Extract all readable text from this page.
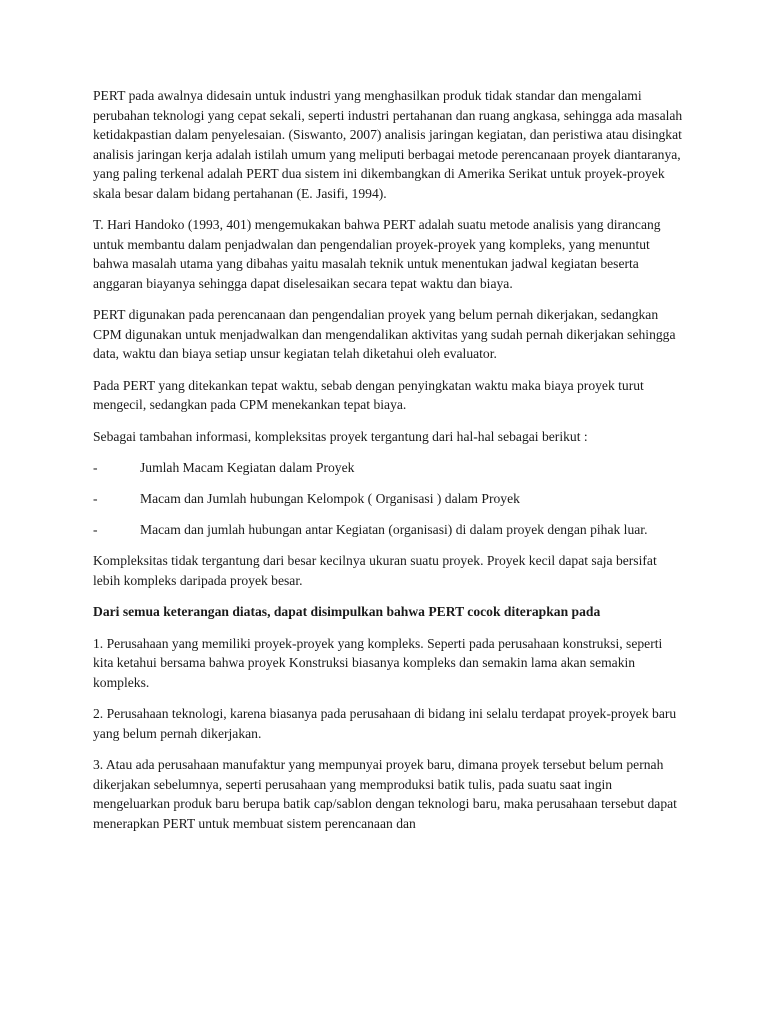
PERT pada awalnya didesain untuk industri yang menghasilkan produk tidak standar dan mengalami perubahan teknologi yang cepat sekali, seperti industri pertahanan dan ruang angkasa, sehingga ada masalah ketidakpastian dalam penyelesaian. (Siswanto, 2007) analisis jaringan kegiatan, dan peristiwa atau disingkat analisis jaringan kerja adalah istilah umum yang meliputi berbagai metode perencanaan proyek diantaranya, yang paling terkenal adalah PERT dua sistem ini dikembangkan di Amerika Serikat untuk proyek-proyek skala besar dalam bidang pertahanan (E. Jasifi, 1994).

T. Hari Handoko (1993, 401) mengemukakan bahwa PERT adalah suatu metode analisis yang dirancang untuk membantu dalam penjadwalan dan pengendalian proyek-proyek yang kompleks, yang menuntut bahwa masalah utama yang dibahas yaitu masalah teknik untuk menentukan jadwal kegiatan beserta anggaran biayanya sehingga dapat diselesaikan secara tepat waktu dan biaya.

PERT digunakan pada perencanaan dan pengendalian proyek yang belum pernah dikerjakan, sedangkan CPM digunakan untuk menjadwalkan dan mengendalikan aktivitas yang sudah pernah dikerjakan sehingga data, waktu dan biaya setiap unsur kegiatan telah diketahui oleh evaluator.

Pada PERT yang ditekankan tepat waktu, sebab dengan penyingkatan waktu maka biaya proyek turut mengecil, sedangkan pada CPM menekankan tepat biaya.

Sebagai tambahan informasi, kompleksitas proyek tergantung dari hal-hal sebagai berikut :

-	Jumlah Macam Kegiatan dalam Proyek
-	Macam dan Jumlah hubungan Kelompok ( Organisasi ) dalam Proyek
-	Macam dan jumlah hubungan antar Kegiatan (organisasi) di dalam proyek dengan pihak luar.

Kompleksitas tidak tergantung dari besar kecilnya ukuran suatu proyek. Proyek kecil dapat saja bersifat lebih kompleks daripada proyek besar.

Dari semua keterangan diatas, dapat disimpulkan bahwa PERT cocok diterapkan pada

1. Perusahaan yang memiliki proyek-proyek yang kompleks. Seperti pada perusahaan konstruksi, seperti kita ketahui bersama bahwa proyek Konstruksi biasanya kompleks dan semakin lama akan semakin kompleks.

2. Perusahaan teknologi, karena biasanya pada perusahaan di bidang ini selalu terdapat proyek-proyek baru yang belum pernah dikerjakan.

3. Atau ada perusahaan manufaktur yang mempunyai proyek baru, dimana proyek tersebut belum pernah dikerjakan sebelumnya, seperti perusahaan yang memproduksi batik tulis, pada suatu saat ingin mengeluarkan produk baru berupa batik cap/sablon dengan teknologi baru, maka perusahaan tersebut dapat menerapkan PERT untuk membuat sistem perencanaan dan
